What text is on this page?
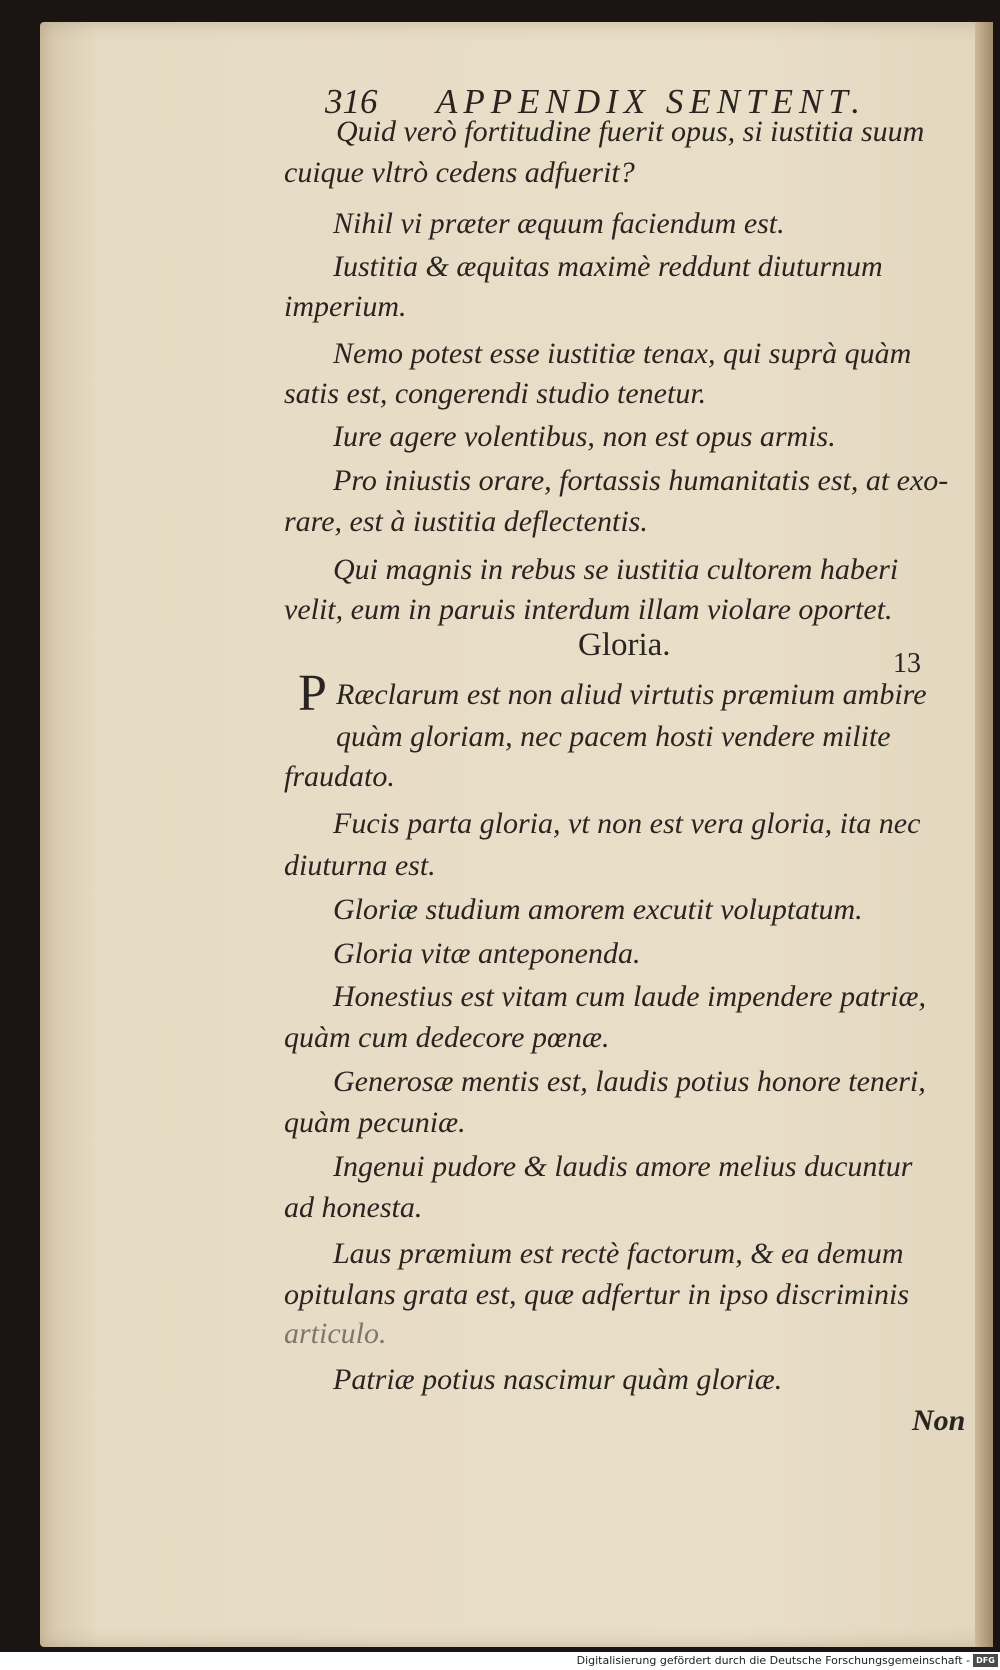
316 APPENDIX SENTENT.
Quid verò fortitudine fuerit opus, si iustitia suum
cuique vltrò cedens adfuerit?
Nihil vi præter æquum faciendum est.
Iustitia & æquitas maximè reddunt diuturnum
imperium.
Nemo potest esse iustitiæ tenax, qui suprà quàm
satis est, congerendi studio tenetur.
Iure agere volentibus, non est opus armis.
Pro iniustis orare, fortassis humanitatis est, at exo-
rare, est à iustitia deflectentis.
Qui magnis in rebus se iustitia cultorem haberi
velit, eum in paruis interdum illam violare oportet.
Gloria.
13
P Ræclarum est non aliud virtutis præmium ambire
quàm gloriam, nec pacem hosti vendere milite
fraudato.
Fucis parta gloria, vt non est vera gloria, ita nec
diuturna est.
Gloriæ studium amorem excutit voluptatum.
Gloria vitæ anteponenda.
Honestius est vitam cum laude impendere patriæ,
quàm cum dedecore pœnæ.
Generosæ mentis est, laudis potius honore teneri,
quàm pecuniæ.
Ingenui pudore & laudis amore melius ducuntur
ad honesta.
Laus præmium est rectè factorum, & ea demum
opitulans grata est, quæ adfertur in ipso discriminis
articulo.
Patriæ potius nascimur quàm gloriæ.
Non
Digitalisierung gefördert durch die Deutsche Forschungsgemeinschaft - DFG
